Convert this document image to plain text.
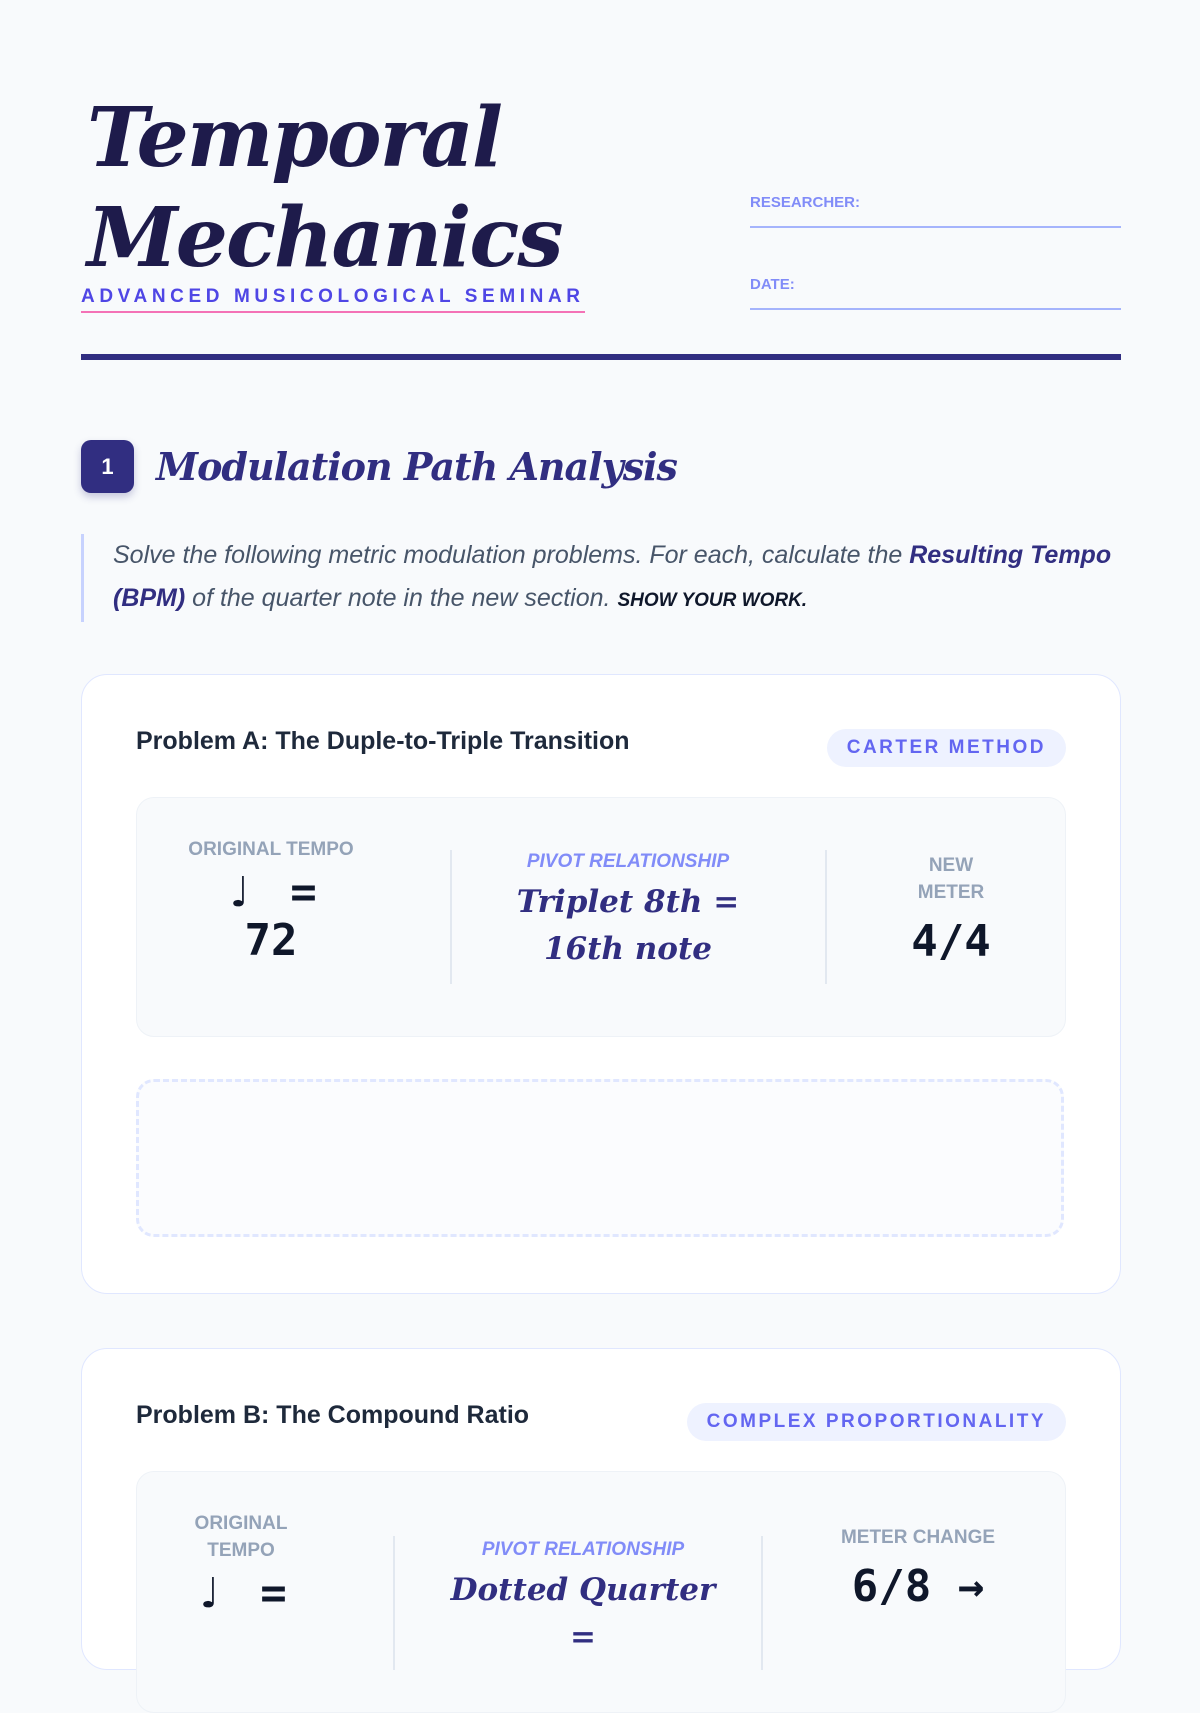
Temporal
Mechanics
ADVANCED MUSICOLOGICAL SEMINAR
RESEARCHER:
DATE:
1	Modulation Path Analysis
Solve the following metric modulation problems. For each, calculate the Resulting Tempo (BPM) of the quarter note in the new section. SHOW YOUR WORK.
Problem A: The Duple-to-Triple Transition	CARTER METHOD
ORIGINAL TEMPO
♩ =
72
PIVOT RELATIONSHIP
Triplet 8th = 16th note
NEW METER
4/4
Problem B: The Compound Ratio	COMPLEX PROPORTIONALITY
ORIGINAL TEMPO
♩ =
PIVOT RELATIONSHIP
Dotted Quarter =
METER CHANGE
6/8 →
